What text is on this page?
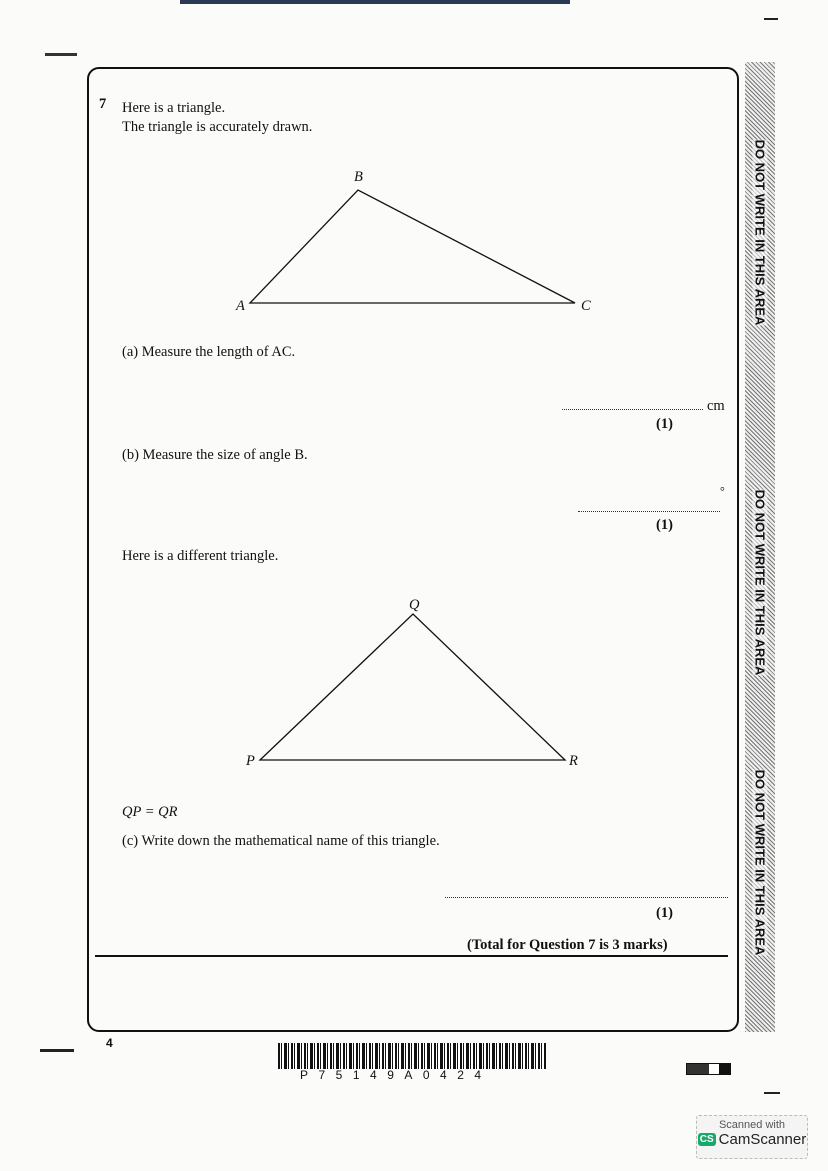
DO NOT WRITE IN THIS AREA
DO NOT WRITE IN THIS AREA
DO NOT WRITE IN THIS AREA
7 Here is a triangle.
The triangle is accurately drawn.
B
A	C
(a) Measure the length of AC.
cm
(1)
(b) Measure the size of angle B.
°
(1)
Here is a different triangle.
Q
P	R
QP = QR
(c) Write down the mathematical name of this triangle.
(1)
(Total for Question 7 is 3 marks)
4
P75149A0424
Scanned with
CS CamScanner
